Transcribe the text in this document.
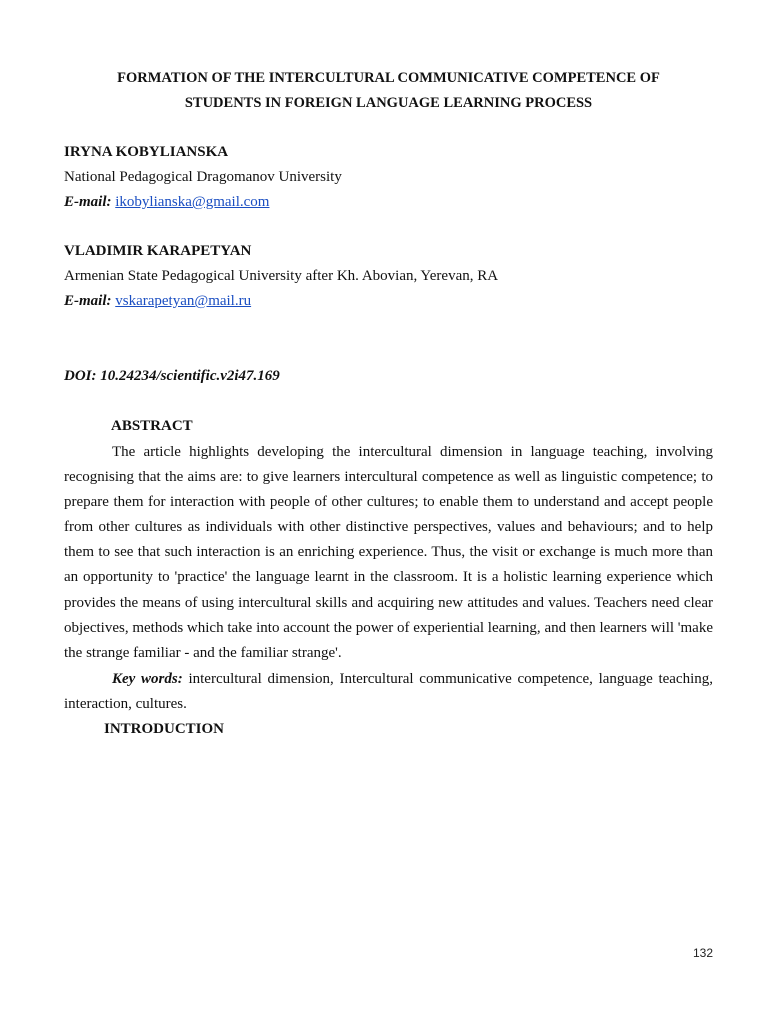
FORMATION OF THE INTERCULTURAL COMMUNICATIVE COMPETENCE OF
STUDENTS IN FOREIGN LANGUAGE LEARNING PROCESS
IRYNA KOBYLIANSKA
National Pedagogical Dragomanov University
E-mail: ikobylianska@gmail.com
VLADIMIR KARAPETYAN
Armenian State Pedagogical University after Kh. Abovian, Yerevan, RA
E-mail: vskarapetyan@mail.ru
DOI: 10.24234/scientific.v2i47.169

ABSTRACT

The article highlights developing the intercultural dimension in language teaching, involving recognising that the aims are: to give learners intercultural competence as well as linguistic competence; to prepare them for interaction with people of other cultures; to enable them to understand and accept people from other cultures as individuals with other distinctive perspectives, values and behaviours; and to help them to see that such interaction is an enriching experience. Thus, the visit or exchange is much more than an opportunity to 'practice' the language learnt in the classroom. It is a holistic learning experience which provides the means of using intercultural skills and acquiring new attitudes and values. Teachers need clear objectives, methods which take into account the power of experiential learning, and then learners will 'make the strange familiar - and the familiar strange'.

Key words: intercultural dimension, Intercultural communicative competence, language teaching, interaction, cultures.

INTRODUCTION

132
